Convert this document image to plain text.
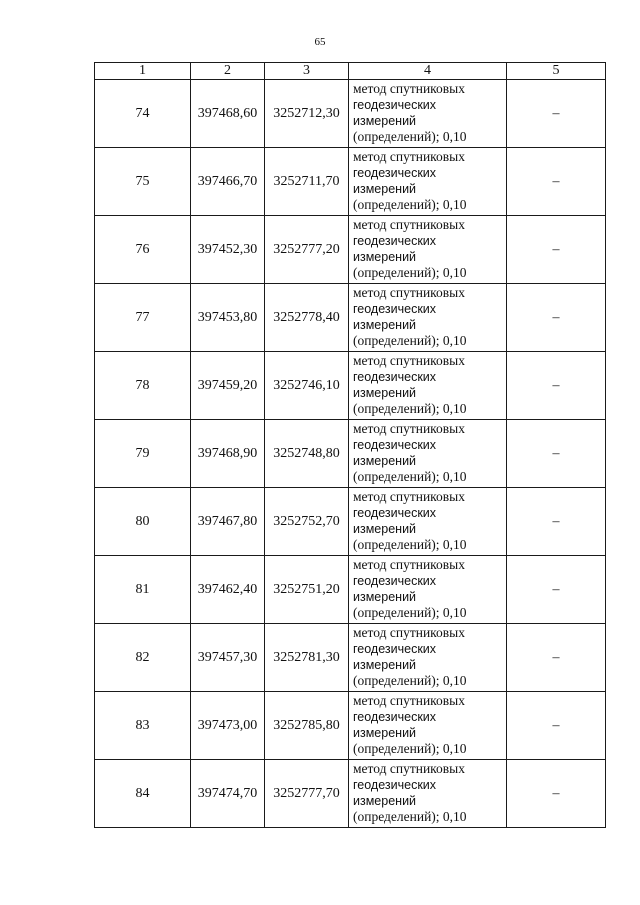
65
1	2	3	4	5
74	397468,60	3252712,30	метод спутниковых
геодезических
измерений
(определений); 0,10	–
75	397466,70	3252711,70	метод спутниковых
геодезических
измерений
(определений); 0,10	–
76	397452,30	3252777,20	метод спутниковых
геодезических
измерений
(определений); 0,10	–
77	397453,80	3252778,40	метод спутниковых
геодезических
измерений
(определений); 0,10	–
78	397459,20	3252746,10	метод спутниковых
геодезических
измерений
(определений); 0,10	–
79	397468,90	3252748,80	метод спутниковых
геодезических
измерений
(определений); 0,10	–
80	397467,80	3252752,70	метод спутниковых
геодезических
измерений
(определений); 0,10	–
81	397462,40	3252751,20	метод спутниковых
геодезических
измерений
(определений); 0,10	–
82	397457,30	3252781,30	метод спутниковых
геодезических
измерений
(определений); 0,10	–
83	397473,00	3252785,80	метод спутниковых
геодезических
измерений
(определений); 0,10	–
84	397474,70	3252777,70	метод спутниковых
геодезических
измерений
(определений); 0,10	–
